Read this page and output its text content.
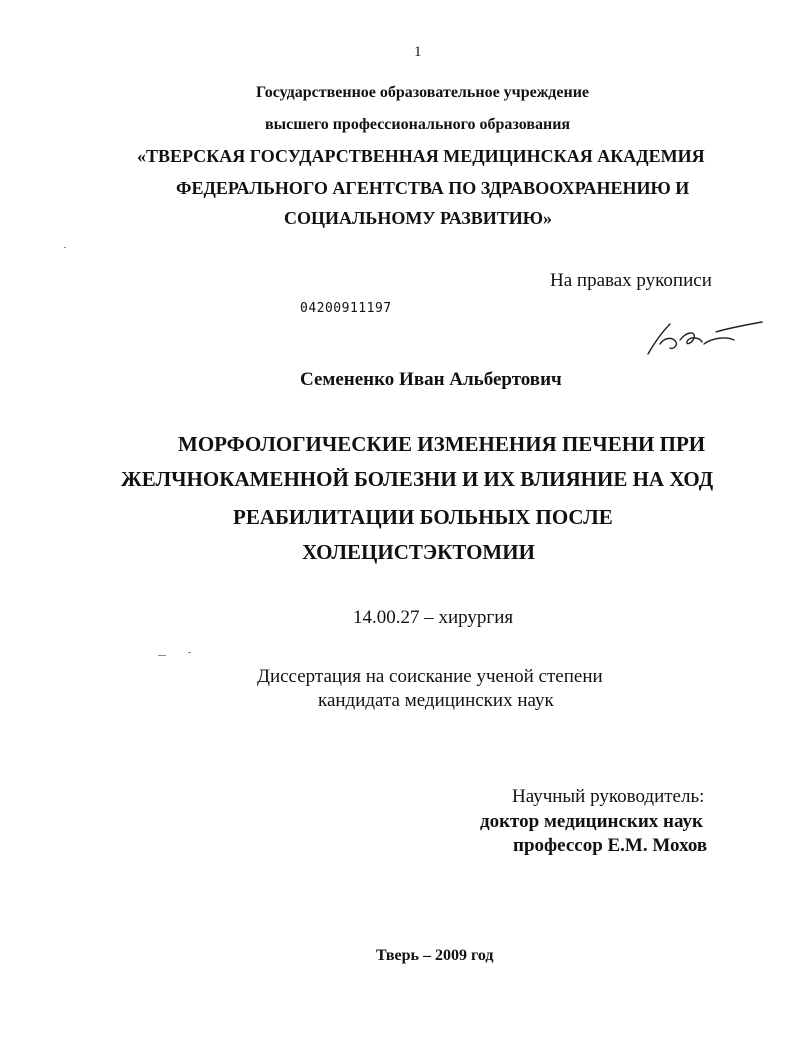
1
Государственное образовательное учреждение
высшего профессионального образования
«ТВЕРСКАЯ ГОСУДАРСТВЕННАЯ МЕДИЦИНСКАЯ АКАДЕМИЯ
ФЕДЕРАЛЬНОГО АГЕНТСТВА ПО ЗДРАВООХРАНЕНИЮ И
СОЦИАЛЬНОМУ РАЗВИТИЮ»
На правах рукописи
04200911197
Семененко Иван Альбертович
МОРФОЛОГИЧЕСКИЕ ИЗМЕНЕНИЯ ПЕЧЕНИ ПРИ
ЖЕЛЧНОКАМЕННОЙ БОЛЕЗНИ И ИХ ВЛИЯНИЕ НА ХОД
РЕАБИЛИТАЦИИ БОЛЬНЫХ ПОСЛЕ
ХОЛЕЦИСТЭКТОМИИ
14.00.27 – хирургия
Диссертация на соискание ученой степени
кандидата медицинских наук
Научный руководитель:
доктор медицинских наук
профессор Е.М. Мохов
Тверь – 2009 год
